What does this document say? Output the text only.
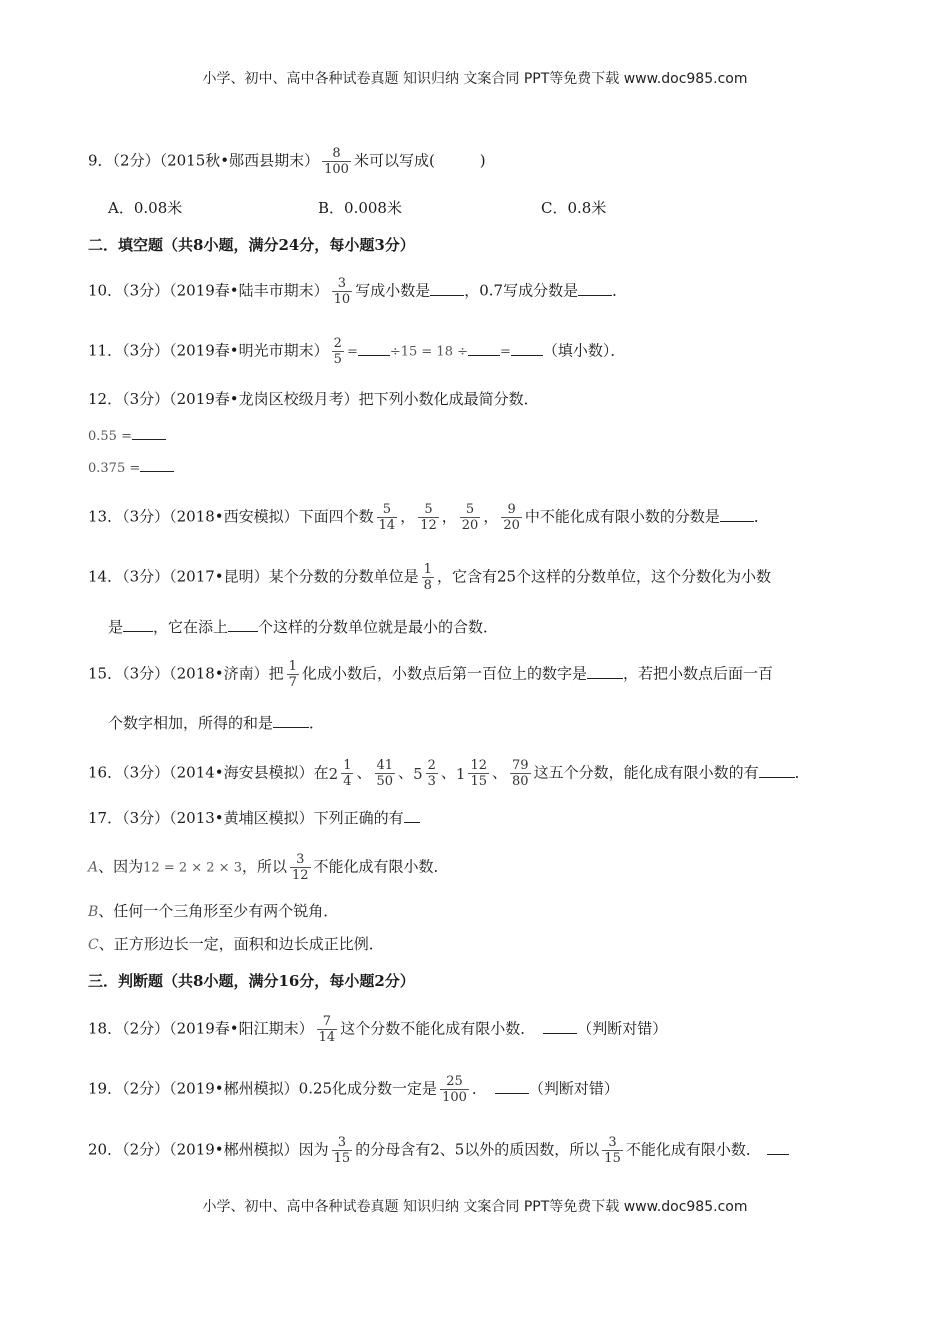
小学、初中、高中各种试卷真题 知识归纳 文案合同 PPT等免费下载 www.doc985.com
9．（2分）（2015秋•郧西县期末） $\frac{8}{100}$ 米可以写成(　　　)
A．0.08米	B．0.008米	C．0.8米
二．填空题（共8小题，满分24分，每小题3分）
10．（3分）（2019春•陆丰市期末） $\frac{3}{10}$ 写成小数是 ，0.7写成分数是 ．
11．（3分）（2019春•明光市期末） $\frac{2}{5} = \div 15 = 18$ ÷ = （填小数）．
12．（3分）（2019春•龙岗区校级月考）把下列小数化成最简分数．
0.55 =
0.375 =
13．（3分）（2018•西安模拟）下面四个数 $\frac{5}{14}$ ， $\frac{5}{12}$ ， $\frac{5}{20}$ ， $\frac{9}{20}$ 中不能化成有限小数的分数是 ．
14．（3分）（2017•昆明）某个分数的分数单位是 $\frac{1}{8}$ ，它含有25个这样的分数单位，这个分数化为小数
是 ，它在添上 个这样的分数单位就是最小的合数．
15．（3分）（2018•济南）把 $\frac{1}{7}$ 化成小数后，小数点后第一百位上的数字是 ，若把小数点后面一百
个数字相加，所得的和是 ．
16．（3分）（2014•海安县模拟）在$2 \frac{1}{4}$ 、 $\frac{41}{50}$ 、$5 \frac{2}{3}$ 、$1 \frac{12}{15}$ 、 $\frac{79}{80}$ 这五个分数，能化成有限小数的有 ．
17．（3分）（2013•黄埔区模拟）下列正确的有
A、因为12 = 2 × 2 × 3，所以 $\frac{3}{12}$ 不能化成有限小数．
B、任何一个三角形至少有两个锐角．
C、正方形边长一定，面积和边长成正比例．
三．判断题（共8小题，满分16分，每小题2分）
18．（2分）（2019春•阳江期末） $\frac{7}{14}$ 这个分数不能化成有限小数．	（判断对错）
19．（2分）（2019•郴州模拟）0.25化成分数一定是 $\frac{25}{100}$ ．	（判断对错）
20．（2分）（2019•郴州模拟）因为 $\frac{3}{15}$ 的分母含有2、5以外的质因数，所以 $\frac{3}{15}$ 不能化成有限小数．
小学、初中、高中各种试卷真题 知识归纳 文案合同 PPT等免费下载 www.doc985.com
